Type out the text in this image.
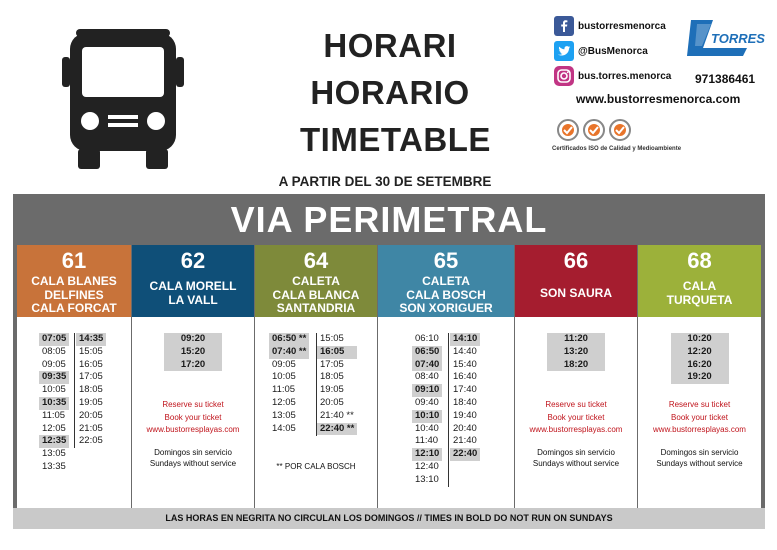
HORARI
HORARIO
TIMETABLE
A PARTIR DEL 30 DE SETEMBRE
bustorresmenorca
@BusMenorca
bus.torres.menorca
TORRES
971386461
www.bustorresmenorca.com
Certificados ISO de Calidad y Medioambiente
VIA PERIMETRAL
61
CALA BLANES
DELFINES
CALA FORCAT
07:05
08:05
09:05
09:35
10:05
10:35
11:05
12:05
12:35
13:05
13:35
14:35
15:05
16:05
17:05
18:05
19:05
20:05
21:05
22:05
62
CALA MORELL
LA VALL
09:20
15:20
17:20
Reserve su ticket
Book your ticket
www.bustorresplayas.com
Domingos sin servicio
Sundays without service
64
CALETA
CALA BLANCA
SANTANDRIA
06:50 **
07:40 **
09:05
10:05
11:05
12:05
13:05
14:05
15:05
16:05
17:05
18:05
19:05
20:05
21:40 **
22:40 **
** POR CALA BOSCH
65
CALETA
CALA BOSCH
SON XORIGUER
06:10
06:50
07:40
08:40
09:10
09:40
10:10
10:40
11:40
12:10
12:40
13:10
14:10
14:40
15:40
16:40
17:40
18:40
19:40
20:40
21:40
22:40
66
SON SAURA
11:20
13:20
18:20
Reserve su ticket
Book your ticket
www.bustorresplayas.com
Domingos sin servicio
Sundays without service
68
CALA
TURQUETA
10:20
12:20
16:20
19:20
Reserve su ticket
Book your ticket
www.bustorresplayas.com
Domingos sin servicio
Sundays without service
LAS HORAS EN NEGRITA NO CIRCULAN LOS DOMINGOS // TIMES IN BOLD DO NOT RUN ON SUNDAYS
